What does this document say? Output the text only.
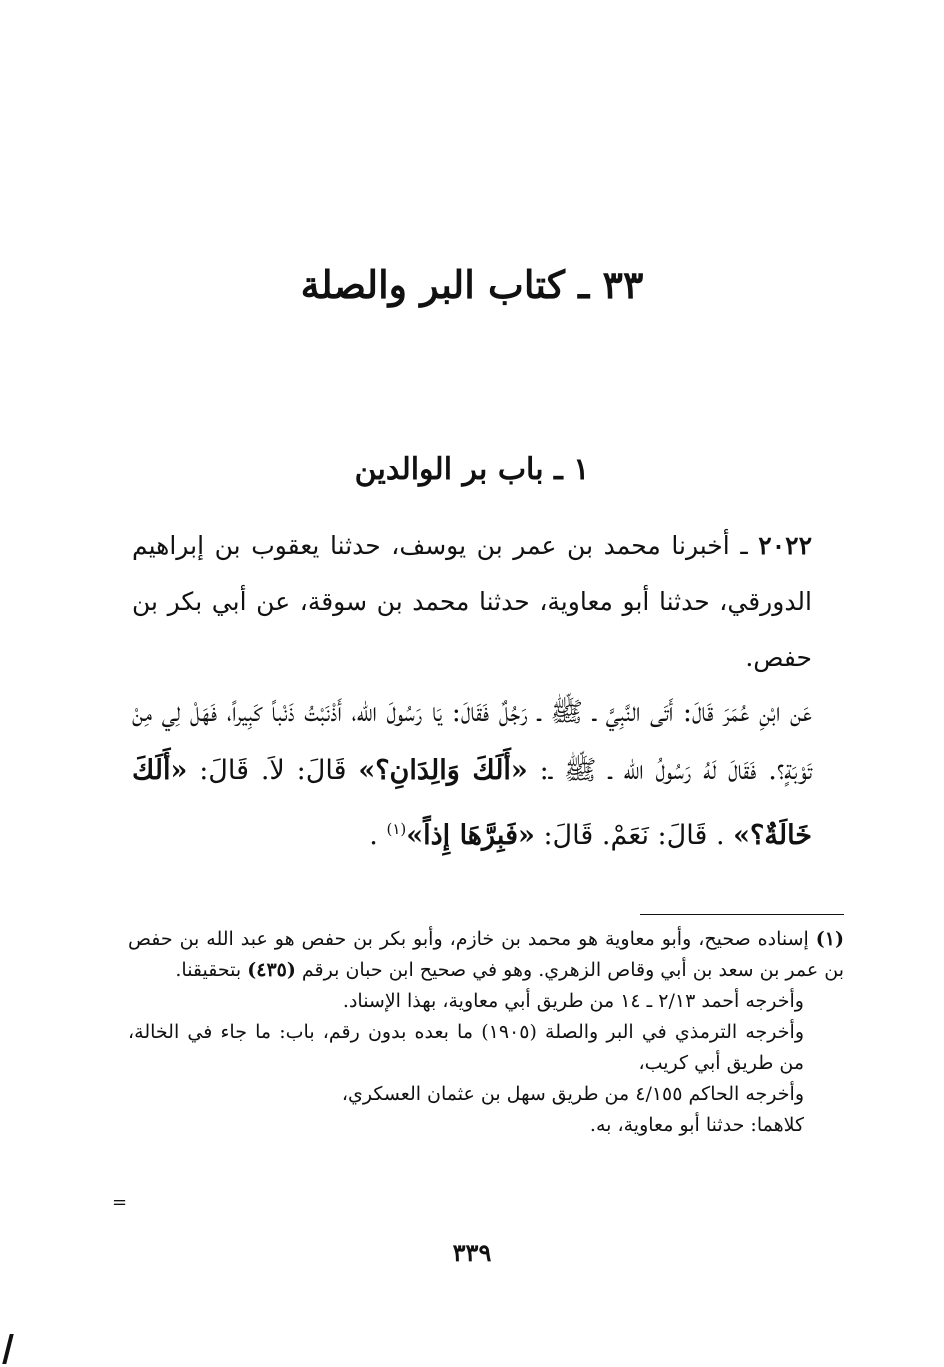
٣٣ ـ كتاب البر والصلة
١ ـ باب بر الوالدين

٢٠٢٢ ـ أخبرنا محمد بن عمر بن يوسف، حدثنا يعقوب بن إبراهيم الدورقي، حدثنا أبو معاوية، حدثنا محمد بن سوقة، عن أبي بكر بن حفص.

عَن ابْنِ عُمَرَ قَالَ: أَتَى النَّبِيَّ ـ ﷺ ـ رَجُلٌ فَقَالَ: يَا رَسُولَ الله، أَذْنَبْتُ ذَنْباً كَبِيراً، فَهَلْ لِي مِنْ تَوْبَةٍ؟. فَقَالَ لَهُ رَسُولُ الله ـ ﷺ ـ: «أَلَكَ وَالِدَانِ؟» قَالَ: لاَ. قَالَ: «أَلَكَ خَالَةٌ؟» . قَالَ: نَعَمْ. قَالَ: «فَبِرَّهَا إِذاً»$^{(١)}$ .

(١) إسناده صحيح، وأبو معاوية هو محمد بن خازم، وأبو بكر بن حفص هو عبد الله بن حفص بن عمر بن سعد بن أبي وقاص الزهري. وهو في صحيح ابن حبان برقم (٤٣٥) بتحقيقنا.

وأخرجه أحمد ٢/١٣ ـ ١٤ من طريق أبي معاوية، بهذا الإسناد.

وأخرجه الترمذي في البر والصلة (١٩٠٥) ما بعده بدون رقم، باب: ما جاء في الخالة، من طريق أبي كريب،

وأخرجه الحاكم ٤/١٥٥ من طريق سهل بن عثمان العسكري،

كلاهما: حدثنا أبو معاوية، به.

=
٣٣٩
